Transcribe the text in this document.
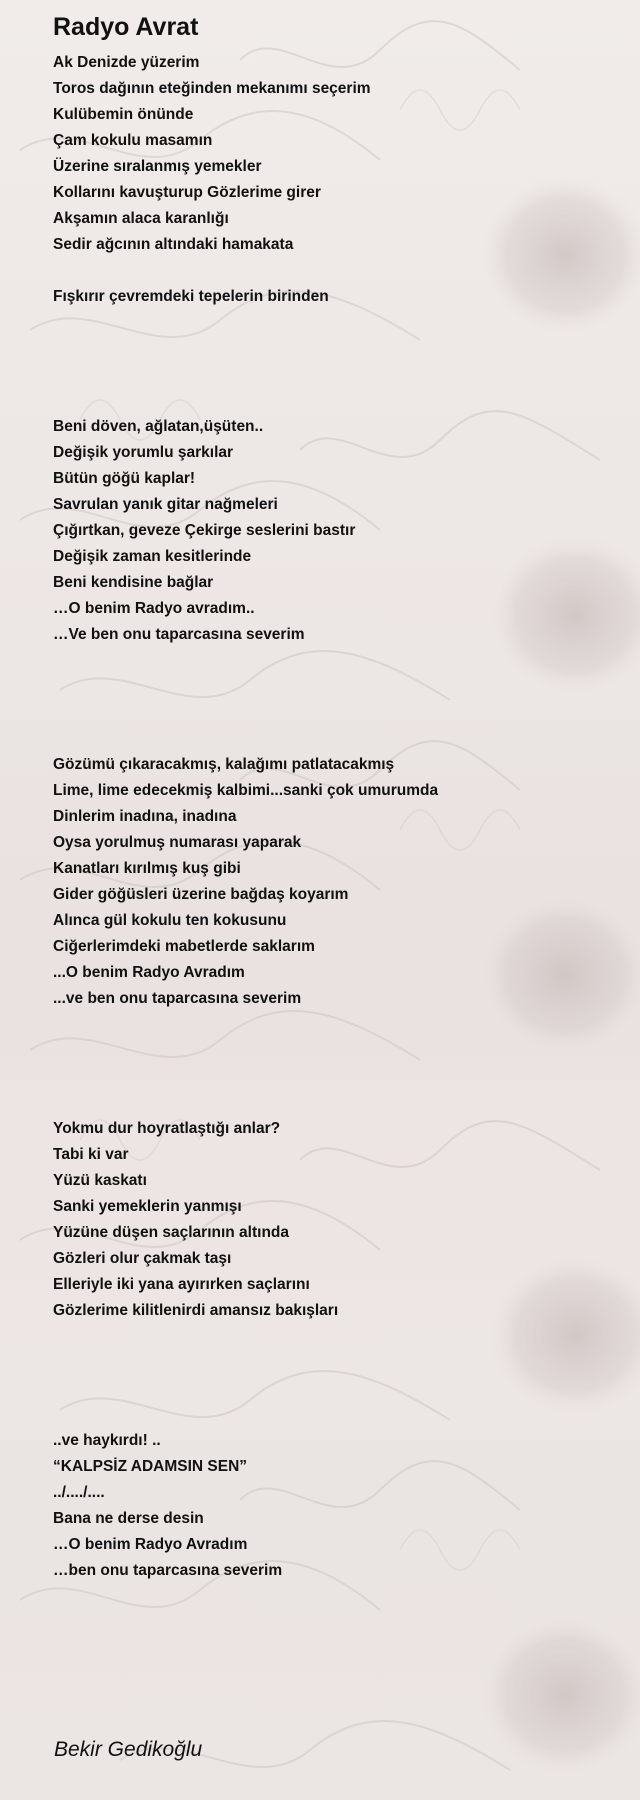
Radyo Avrat
Ak Denizde yüzerim
Toros dağının eteğinden mekanımı seçerim
Kulübemin önünde
Çam kokulu masamın
Üzerine sıralanmış yemekler
Kollarını kavuşturup Gözlerime girer
Akşamın alaca karanlığı
Sedir ağcının altındaki hamakata
Fışkırır çevremdeki tepelerin birinden
Beni döven, ağlatan,üşüten..
Değişik yorumlu şarkılar
Bütün göğü kaplar!
Savrulan yanık gitar nağmeleri
Çığırtkan, geveze Çekirge seslerini bastır
Değişik zaman kesitlerinde
Beni kendisine bağlar
…O benim Radyo avradım..
…Ve ben onu taparcasına severim
Gözümü çıkaracakmış, kalağımı patlatacakmış
Lime, lime edecekmiş kalbimi...sanki çok umurumda
Dinlerim inadına, inadına
Oysa yorulmuş numarası yaparak
Kanatları kırılmış kuş gibi
Gider göğüsleri üzerine bağdaş koyarım
Alınca gül kokulu ten kokusunu
Ciğerlerimdeki mabetlerde saklarım
...O benim Radyo Avradım
...ve ben onu taparcasına severim
Yokmu dur hoyratlaştığı anlar?
Tabi ki var
Yüzü kaskatı
Sanki yemeklerin yanmışı
Yüzüne düşen saçlarının altında
Gözleri olur çakmak taşı
Elleriyle iki yana ayırırken saçlarını
Gözlerime kilitlenirdi amansız bakışları
..ve haykırdı! ..
“KALPSİZ ADAMSIN SEN”
../..../....
Bana ne derse desin
…O benim Radyo Avradım
…ben onu taparcasına severim
Bekir Gedikoğlu
